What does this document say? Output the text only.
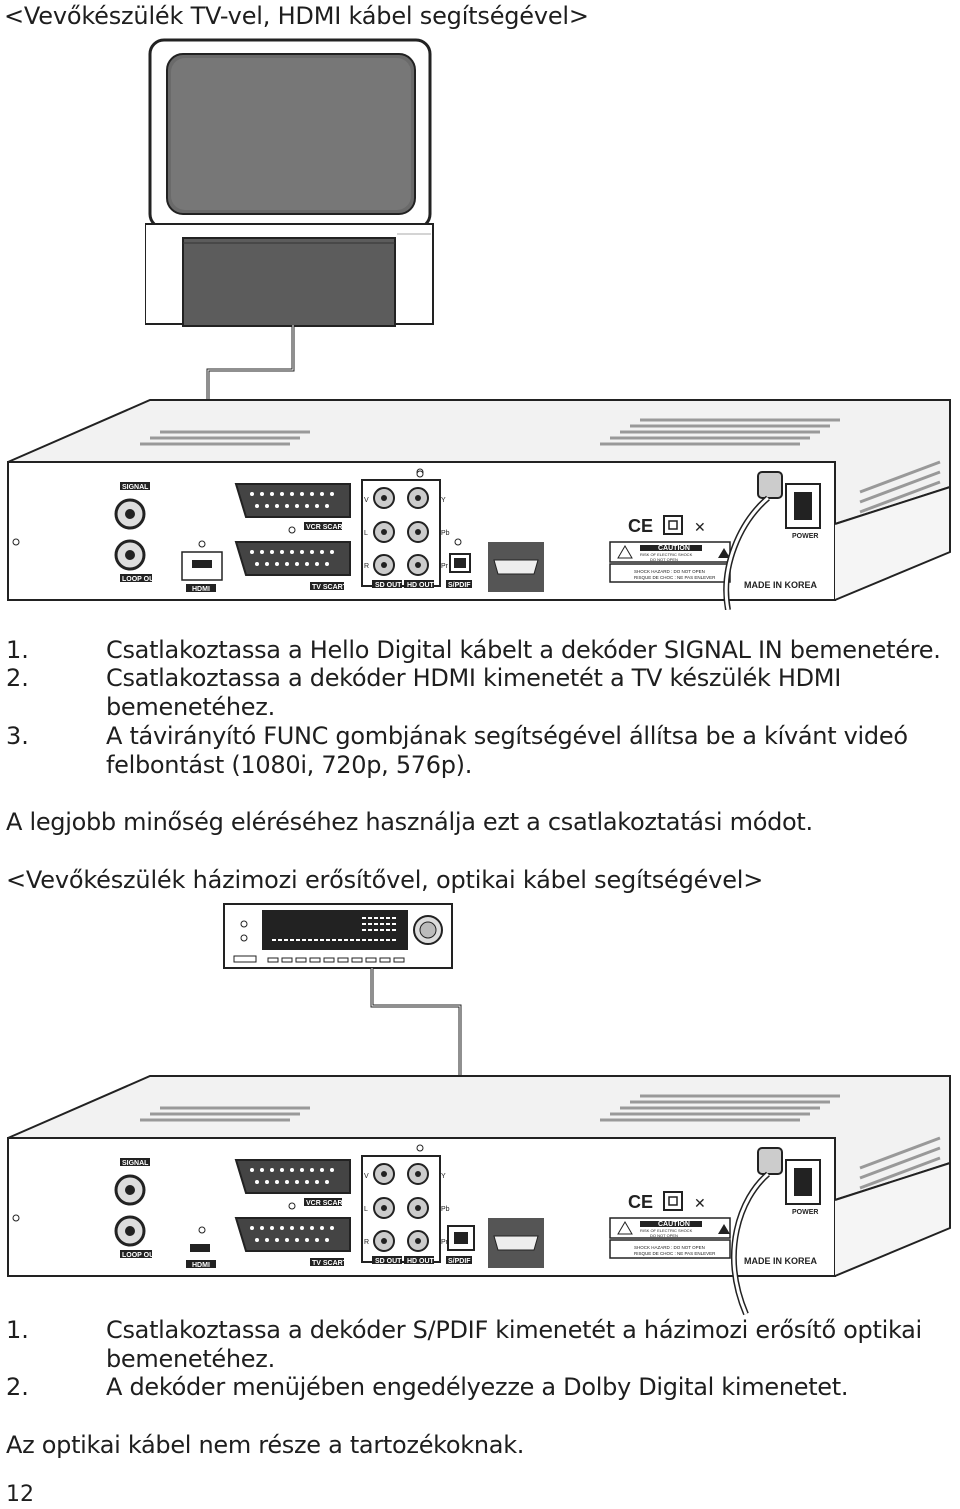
<Vevőkészülék TV-vel, HDMI kábel segítségével>
SIGNAL IN
LOOP OUT
HDMI
VCR SCART
TV SCART
V
L
R
Y
Pb
Pr
SD OUT HD OUT S/PDIF
CE	✕
CAUTION
RISK OF ELECTRIC SHOCK
DO NOT OPEN
SHOCK HAZARD : DO NOT OPEN
RISQUE DE CHOC : NE PAS ENLEVER
MADE IN KOREA
POWER
1.	Csatlakoztassa a Hello Digital kábelt a dekóder SIGNAL IN bemenetére.
2.	Csatlakoztassa a dekóder HDMI kimenetét a TV készülék HDMI
bemenetéhez.
3.	A távirányító FUNC gombjának segítségével állítsa be a kívánt videó
felbontást (1080i, 720p, 576p).
A legjobb minőség eléréséhez használja ezt a csatlakoztatási módot.
<Vevőkészülék házimozi erősítővel, optikai kábel segítségével>
SIGNAL IN
LOOP OUT
HDMI
VCR SCART
TV SCART
V
L
R
Y
Pb
Pr
SD OUT HD OUT S/PDIF
CE	✕
CAUTION
RISK OF ELECTRIC SHOCK
DO NOT OPEN
SHOCK HAZARD : DO NOT OPEN
RISQUE DE CHOC : NE PAS ENLEVER
MADE IN KOREA
POWER
1.	Csatlakoztassa a dekóder S/PDIF kimenetét a házimozi erősítő optikai
bemenetéhez.
2.	A dekóder menüjében engedélyezze a Dolby Digital kimenetet.
Az optikai kábel nem része a tartozékoknak.
12
